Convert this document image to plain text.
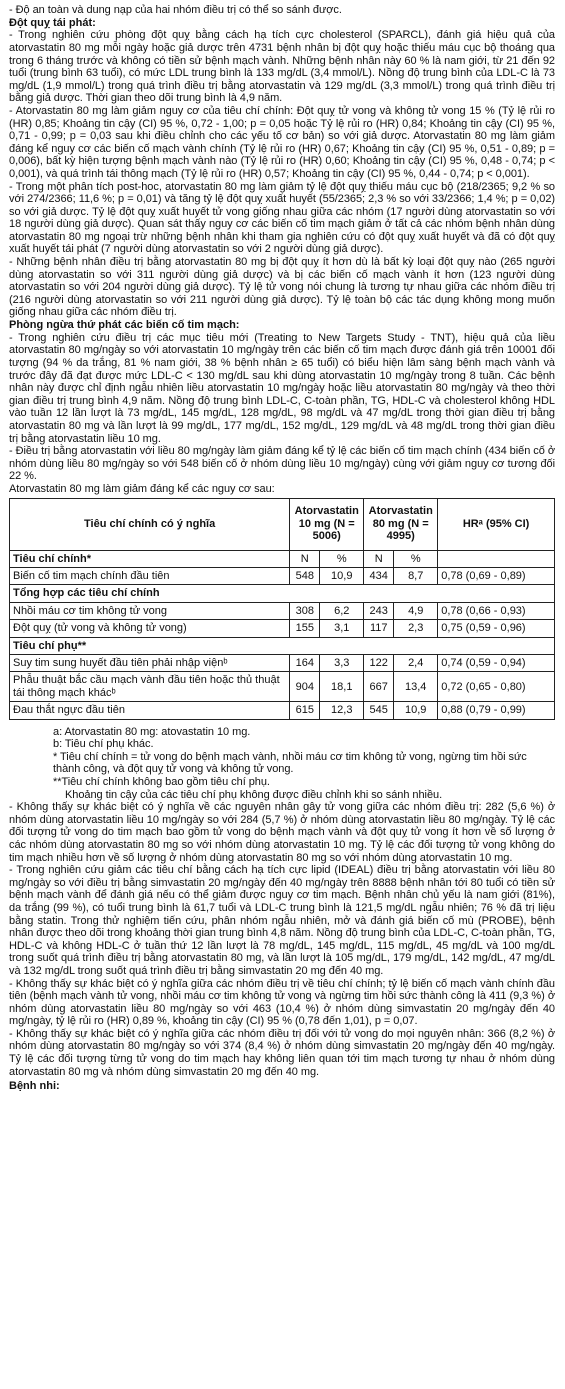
- Độ an toàn và dung nạp của hai nhóm điều trị có thể so sánh được.

Đột quỵ tái phát:

- Trong nghiên cứu phòng đột quỵ bằng cách hạ tích cực cholesterol (SPARCL), đánh giá hiệu quả của atorvastatin 80 mg mỗi ngày hoặc giả dược trên 4731 bệnh nhân bị đột quỵ hoặc thiếu máu cục bộ thoáng qua trong 6 tháng trước và không có tiền sử bệnh mạch vành. Những bệnh nhân này 60 % là nam giới, từ 21 đến 92 tuổi (trung bình 63 tuổi), có mức LDL trung bình là 133 mg/dL (3,4 mmol/L). Nồng độ trung bình của LDL-C là 73 mg/dL (1,9 mmol/L) trong quá trình điều trị bằng atorvastatin và 129 mg/dL (3,3 mmol/L) trong quá trình điều trị bằng giả dược. Thời gian theo dõi trung bình là 4,9 năm.

- Atorvastatin 80 mg làm giảm nguy cơ của tiêu chí chính: Đột quỵ tử vong và không tử vong 15 % (Tỷ lệ rủi ro (HR) 0,85; Khoảng tin cậy (CI) 95 %, 0,72 - 1,00; p = 0,05 hoặc Tỷ lệ rủi ro (HR) 0,84; Khoảng tin cậy (CI) 95 %, 0,71 - 0,99; p = 0,03 sau khi điều chỉnh cho các yếu tố cơ bản) so với giả dược. Atorvastatin 80 mg làm giảm đáng kể nguy cơ các biến cố mạch vành chính (Tỷ lệ rủi ro (HR) 0,67; Khoảng tin cậy (CI) 95 %, 0,51 - 0,89; p = 0,006), bất kỳ hiện tượng bệnh mạch vành nào (Tỷ lệ rủi ro (HR) 0,60; Khoảng tin cậy (CI) 95 %, 0,48 - 0,74; p < 0,001), và quá trình tái thông mạch (Tỷ lệ rủi ro (HR) 0,57; Khoảng tin cậy (CI) 95 %, 0,44 - 0,74; p < 0,001).

- Trong một phân tích post-hoc, atorvastatin 80 mg làm giảm tỷ lệ đột quỵ thiếu máu cục bộ (218/2365; 9,2 % so với 274/2366; 11,6 %; p = 0,01) và tăng tỷ lệ đột quỵ xuất huyết (55/2365; 2,3 % so với 33/2366; 1,4 %; p = 0,02) so với giả dược. Tỷ lệ đột quỵ xuất huyết tử vong giống nhau giữa các nhóm (17 người dùng atorvastatin so với 18 người dùng giả dược). Quan sát thấy nguy cơ các biến cố tim mạch giảm ở tất cả các nhóm bệnh nhân dùng atorvastatin 80 mg ngoại trừ những bệnh nhân khi tham gia nghiên cứu có đột quỵ xuất huyết và đã có đột quỵ xuất huyết tái phát (7 người dùng atorvastatin so với 2 người dùng giả dược).

- Những bệnh nhân điều trị bằng atorvastatin 80 mg bị đột quỵ ít hơn dù là bất kỳ loại đột quỵ nào (265 người dùng atorvastatin so với 311 người dùng giả dược) và bị các biến cố mạch vành ít hơn (123 người dùng atorvastatin so với 204 người dùng giả dược). Tỷ lệ tử vong nói chung là tương tự nhau giữa các nhóm điều trị (216 người dùng atorvastatin so với 211 người dùng giả dược). Tỷ lệ toàn bộ các tác dụng không mong muốn giống nhau giữa các nhóm điều trị.

Phòng ngừa thứ phát các biến cố tim mạch:

- Trong nghiên cứu điều trị các mục tiêu mới (Treating to New Targets Study - TNT), hiệu quả của liều atorvastatin 80 mg/ngày so với atorvastatin 10 mg/ngày trên các biến cố tim mạch được đánh giá trên 10001 đối tượng (94 % da trắng, 81 % nam giới, 38 % bệnh nhân ≥ 65 tuổi) có biểu hiện lâm sàng bệnh mạch vành và trước đây đã đạt được mức LDL-C < 130 mg/dL sau khi dùng atorvastatin 10 mg/ngày trong 8 tuần. Các bệnh nhân này được chỉ định ngẫu nhiên liều atorvastatin 10 mg/ngày hoặc liều atorvastatin 80 mg/ngày và theo thời gian điều trị trung bình 4,9 năm. Nồng độ trung bình LDL-C, C-toàn phần, TG, HDL-C và cholesterol không HDL vào tuần 12 lần lượt là 73 mg/dL, 145 mg/dL, 128 mg/dL, 98 mg/dL và 47 mg/dL trong thời gian điều trị bằng atorvastatin 80 mg và lần lượt là 99 mg/dL, 177 mg/dL, 152 mg/dL, 129 mg/dL và 48 mg/dL trong thời gian điều trị bằng atorvastatin liều 10 mg.

- Điều trị bằng atorvastatin với liều 80 mg/ngày làm giảm đáng kể tỷ lệ các biến cố tim mạch chính (434 biến cố ở nhóm dùng liều 80 mg/ngày so với 548 biến cố ở nhóm dùng liều 10 mg/ngày) cùng với giảm nguy cơ tương đối 22 %.

Atorvastatin 80 mg làm giảm đáng kể các nguy cơ sau:

Tiêu chí chính có ý nghĩa	Atorvastatin 10 mg (N = 5006)		Atorvastatin 80 mg (N = 4995)		HRᵃ (95% CI)
Tiêu chí chính*	N	%	N	%	
Biến cố tim mạch chính đầu tiên	548	10,9	434	8,7	0,78 (0,69 - 0,89)
Tổng hợp các tiêu chí chính					
Nhồi máu cơ tim không tử vong	308	6,2	243	4,9	0,78 (0,66 - 0,93)
Đột quỵ (tử vong và không tử vong)	155	3,1	117	2,3	0,75 (0,59 - 0,96)
Tiêu chí phụ**					
Suy tim sung huyết đầu tiên phải nhập việnᵇ	164	3,3	122	2,4	0,74 (0,59 - 0,94)
Phẫu thuật bắc cầu mạch vành đầu tiên hoặc thủ thuật tái thông mạch khácᵇ	904	18,1	667	13,4	0,72 (0,65 - 0,80)
Đau thắt ngực đầu tiên	615	12,3	545	10,9	0,88 (0,79 - 0,99)

a: Atorvastatin 80 mg: atovastatin 10 mg.

b: Tiêu chí phụ khác.

* Tiêu chí chính = tử vong do bệnh mạch vành, nhồi máu cơ tim không tử vong, ngừng tim hồi sức thành công, và đột quỵ tử vong và không tử vong.

**Tiêu chí chính không bao gồm tiêu chí phụ.

Khoảng tin cậy của các tiêu chí phụ không được điều chỉnh khi so sánh nhiều.

- Không thấy sự khác biệt có ý nghĩa về các nguyên nhân gây tử vong giữa các nhóm điều trị: 282 (5,6 %) ở nhóm dùng atorvastatin liều 10 mg/ngày so với 284 (5,7 %) ở nhóm dùng atorvastatin liều 80 mg/ngày. Tỷ lệ các đối tượng tử vong do tim mạch bao gồm tử vong do bệnh mạch vành và đột quỵ tử vong ít hơn về số lượng ở các nhóm dùng atorvastatin 80 mg so với nhóm dùng atorvastatin 10 mg. Tỷ lệ các đối tượng tử vong không do tim mạch nhiều hơn về số lượng ở nhóm dùng atorvastatin 80 mg so với nhóm dùng atorvastatin 10 mg.

- Trong nghiên cứu giảm các tiêu chí bằng cách hạ tích cực lipid (IDEAL) điều trị bằng atorvastatin với liều 80 mg/ngày so với điều trị bằng simvastatin 20 mg/ngày đến 40 mg/ngày trên 8888 bệnh nhân tới 80 tuổi có tiền sử bệnh mạch vành để đánh giá nếu có thể giảm được nguy cơ tim mạch. Bệnh nhân chủ yếu là nam giới (81%), da trắng (99 %), có tuổi trung bình là 61,7 tuổi và LDL-C trung bình là 121,5 mg/dL ngẫu nhiên; 76 % đã trị liệu bằng statin. Trong thử nghiệm tiến cứu, phân nhóm ngẫu nhiên, mở và đánh giá biến cố mù (PROBE), bệnh nhân được theo dõi trong khoảng thời gian trung bình 4,8 năm. Nồng độ trung bình của LDL-C, C-toàn phần, TG, HDL-C và không HDL-C ở tuần thứ 12 lần lượt là 78 mg/dL, 145 mg/dL, 115 mg/dL, 45 mg/dL và 100 mg/dL trong suốt quá trình điều trị bằng atorvastatin 80 mg, và lần lượt là 105 mg/dL, 179 mg/dL, 142 mg/dL, 47 mg/dL và 132 mg/dL trong suốt quá trình điều trị bằng simvastatin 20 mg đến 40 mg.

- Không thấy sự khác biệt có ý nghĩa giữa các nhóm điều trị về tiêu chí chính; tỷ lệ biến cố mạch vành chính đầu tiên (bệnh mạch vành tử vong, nhồi máu cơ tim không tử vong và ngừng tim hồi sức thành công là 411 (9,3 %) ở nhóm dùng atorvastatin liều 80 mg/ngày so với 463 (10,4 %) ở nhóm dùng simvastatin 20 mg/ngày đến 40 mg/ngày, tỷ lệ rủi ro (HR) 0,89 %, khoảng tin cậy (CI) 95 % (0,78 đến 1,01), p = 0,07.

- Không thấy sự khác biệt có ý nghĩa giữa các nhóm điều trị đối với tử vong do mọi nguyên nhân: 366 (8,2 %) ở nhóm dùng atorvastatin 80 mg/ngày so với 374 (8,4 %) ở nhóm dùng simvastatin 20 mg/ngày đến 40 mg/ngày. Tỷ lệ các đối tượng từng tử vong do tim mạch hay không liên quan tới tim mạch tương tự nhau ở nhóm dùng atorvastatin 80 mg và nhóm dùng simvastatin 20 mg đến 40 mg.

Bệnh nhi:
